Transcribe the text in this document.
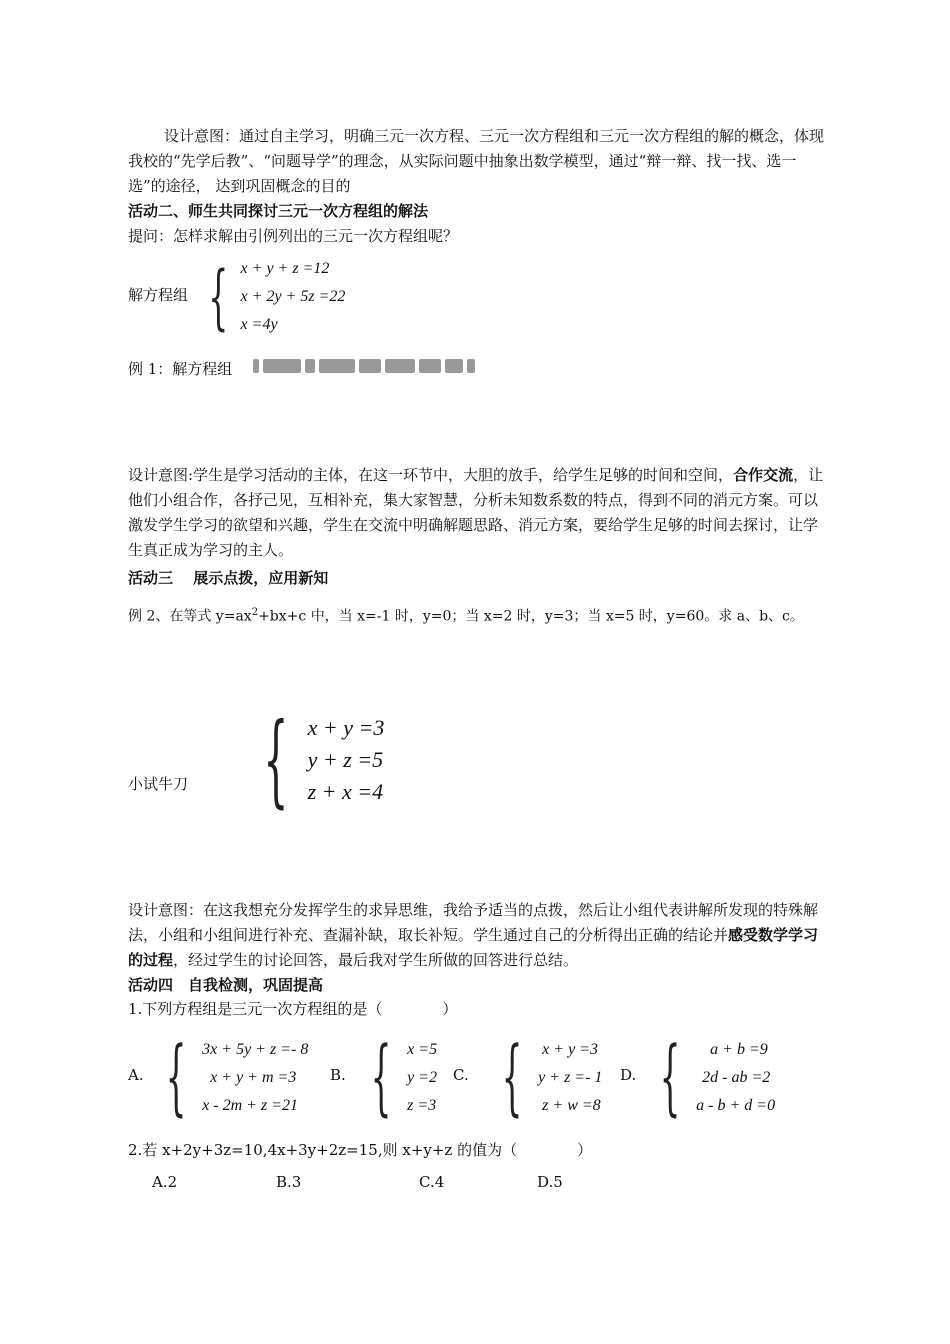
设计意图：通过自主学习，明确三元一次方程、三元一次方程组和三元一次方程组的解的概念，体现我校的“先学后教”、“问题导学”的理念，从实际问题中抽象出数学模型，通过“辩一辩、找一找、选一选”的途径， 达到巩固概念的目的

活动二、师生共同探讨三元一次方程组的解法

提问：怎样求解由引例列出的三元一次方程组呢？

解方程组 { x + y + z =12
x + 2y + 5z =22
x =4y
例 1：解方程组

设计意图:学生是学习活动的主体，在这一环节中，大胆的放手，给学生足够的时间和空间，合作交流，让他们小组合作，各抒己见，互相补充，集大家智慧，分析未知数系数的特点，得到不同的消元方案。可以激发学生学习的欲望和兴趣，学生在交流中明确解题思路、消元方案，要给学生足够的时间去探讨，让学生真正成为学习的主人。

活动三　 展示点拨，应用新知

例 2、在等式 $y=ax^2+bx+c$ 中，当 x=-1 时，y=0；当 x=2 时，y=3；当 x=5 时，y=60。求 a、b、c。

小试牛刀 { x + y =3
y + z =5
z + x =4

设计意图：在这我想充分发挥学生的求异思维，我给予适当的点拨，然后让小组代表讲解所发现的特殊解法，小组和小组间进行补充、查漏补缺，取长补短。学生通过自己的分析得出正确的结论并感受数学学习的过程，经过学生的讨论回答，最后我对学生所做的回答进行总结。

活动四　自我检测，巩固提高

1.下列方程组是三元一次方程组的是（　　　　）

A. { 3x + 5y + z =- 8
x + y + m =3
x - 2m + z =21
B. { x =5
y =2
z =3
C. { x + y =3
y + z =- 1
z + w =8
D. {	a + b =9
2d - ab =2
a - b + d =0

2.若 x+2y+3z=10,4x+3y+2z=15,则 x+y+z 的值为（　　　　）

A.2	B.3	C.4	D.5
